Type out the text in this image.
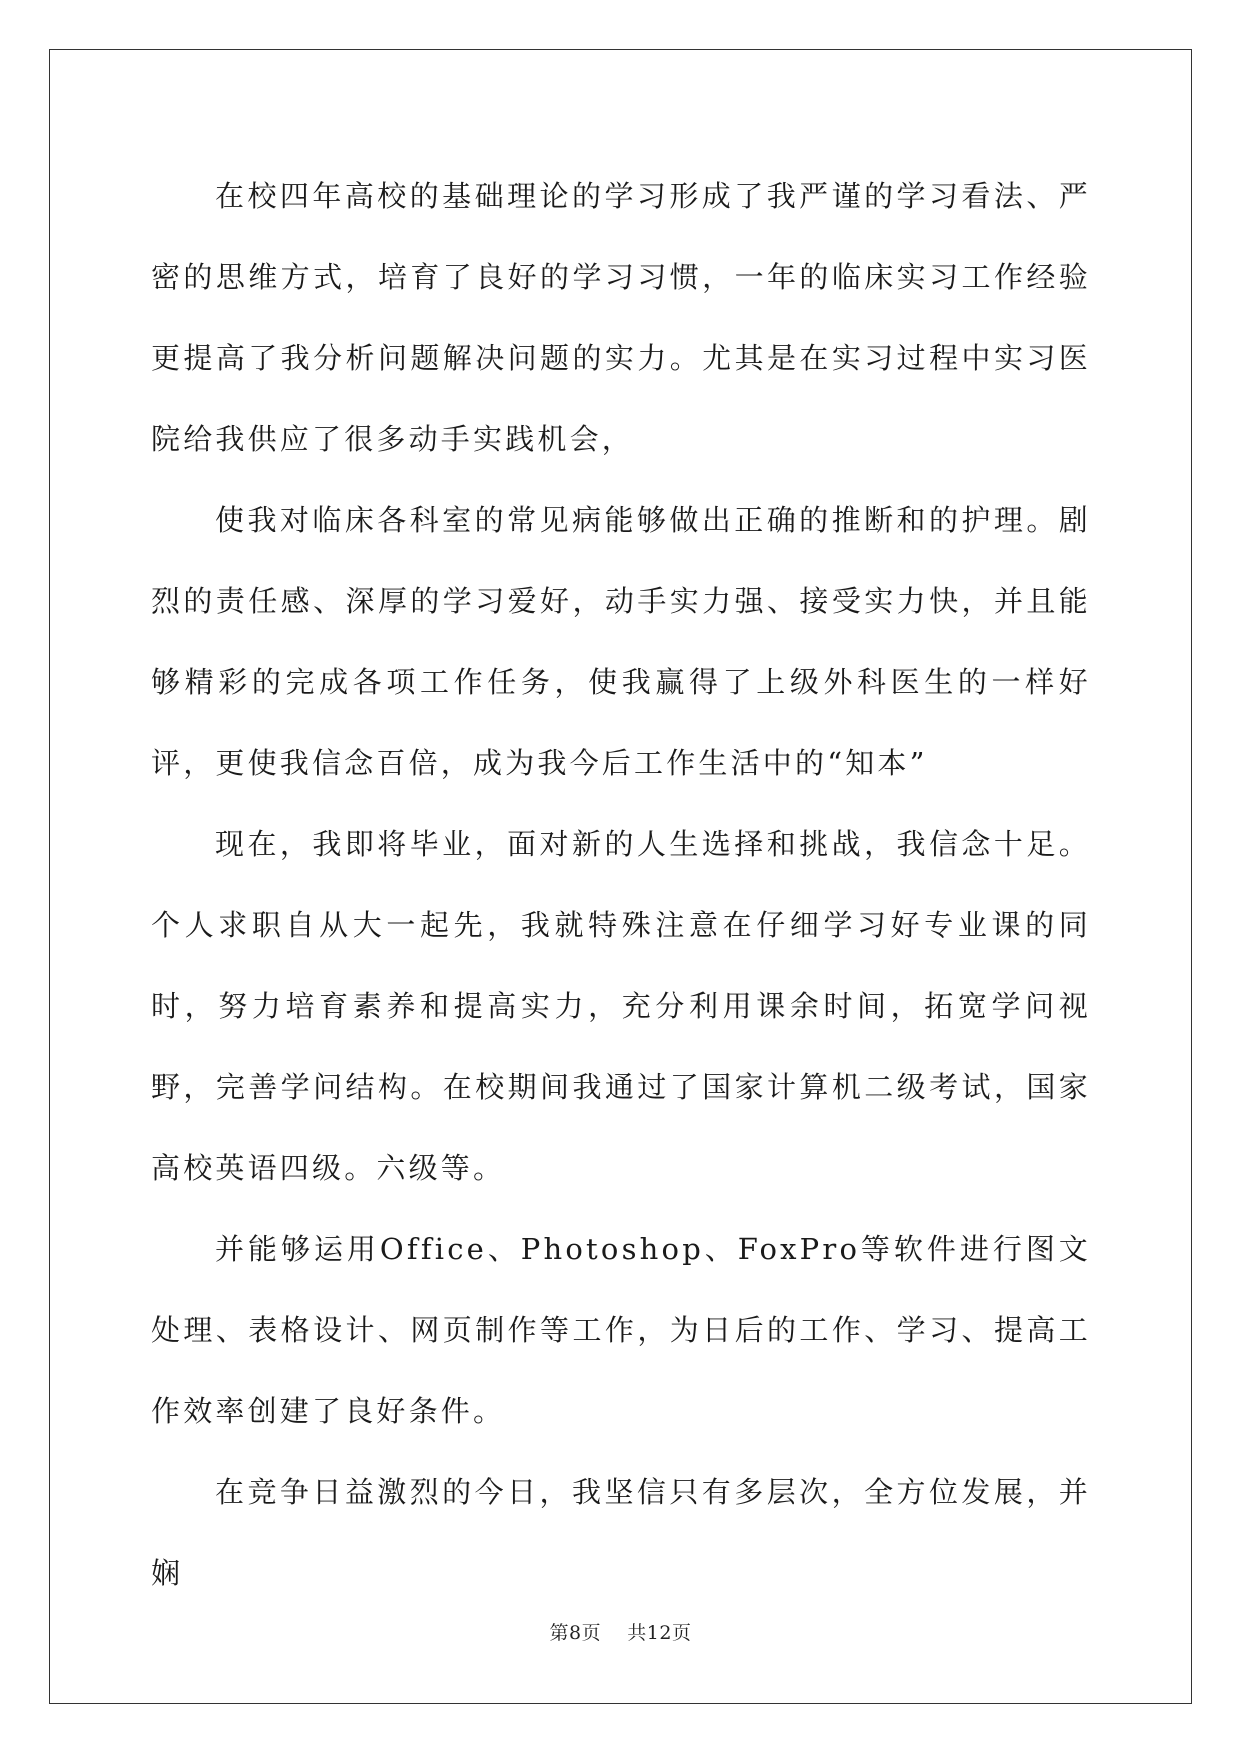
在校四年高校的基础理论的学习形成了我严谨的学习看法、严密的思维方式，培育了良好的学习习惯，一年的临床实习工作经验更提高了我分析问题解决问题的实力。尤其是在实习过程中实习医院给我供应了很多动手实践机会，

使我对临床各科室的常见病能够做出正确的推断和的护理。剧烈的责任感、深厚的学习爱好，动手实力强、接受实力快，并且能够精彩的完成各项工作任务，使我赢得了上级外科医生的一样好评，更使我信念百倍，成为我今后工作生活中的“知本”

现在，我即将毕业，面对新的人生选择和挑战，我信念十足。个人求职自从大一起先，我就特殊注意在仔细学习好专业课的同时，努力培育素养和提高实力，充分利用课余时间，拓宽学问视野，完善学问结构。在校期间我通过了国家计算机二级考试，国家高校英语四级。六级等。

并能够运用Office、Photoshop、FoxPro等软件进行图文处理、表格设计、网页制作等工作，为日后的工作、学习、提高工作效率创建了良好条件。

在竞争日益激烈的今日，我坚信只有多层次，全方位发展，并娴

第8页 共12页
